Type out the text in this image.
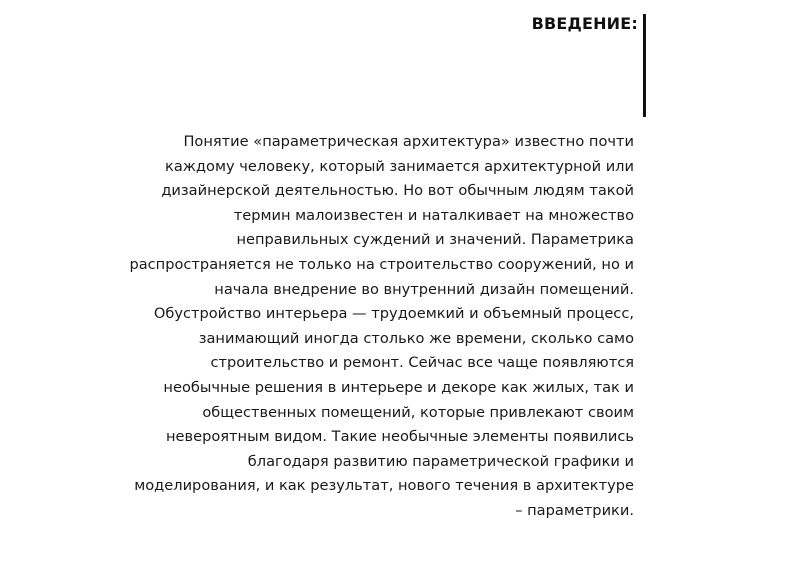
ВВЕДЕНИЕ:

Понятие «параметрическая архитектура» известно почти
каждому человеку, который занимается архитектурной или
дизайнерской деятельностью. Но вот обычным людям такой
термин малоизвестен и наталкивает на множество
неправильных суждений и значений. Параметрика
распространяется не только на строительство сооружений, но и
начала внедрение во внутренний дизайн помещений.
Обустройство интерьера — трудоемкий и объемный процесс,
занимающий иногда столько же времени, сколько само
строительство и ремонт. Сейчас все чаще появляются
необычные решения в интерьере и декоре как жилых, так и
общественных помещений, которые привлекают своим
невероятным видом. Такие необычные элементы появились
благодаря развитию параметрической графики и
моделирования, и как результат, нового течения в архитектуре
– параметрики.
